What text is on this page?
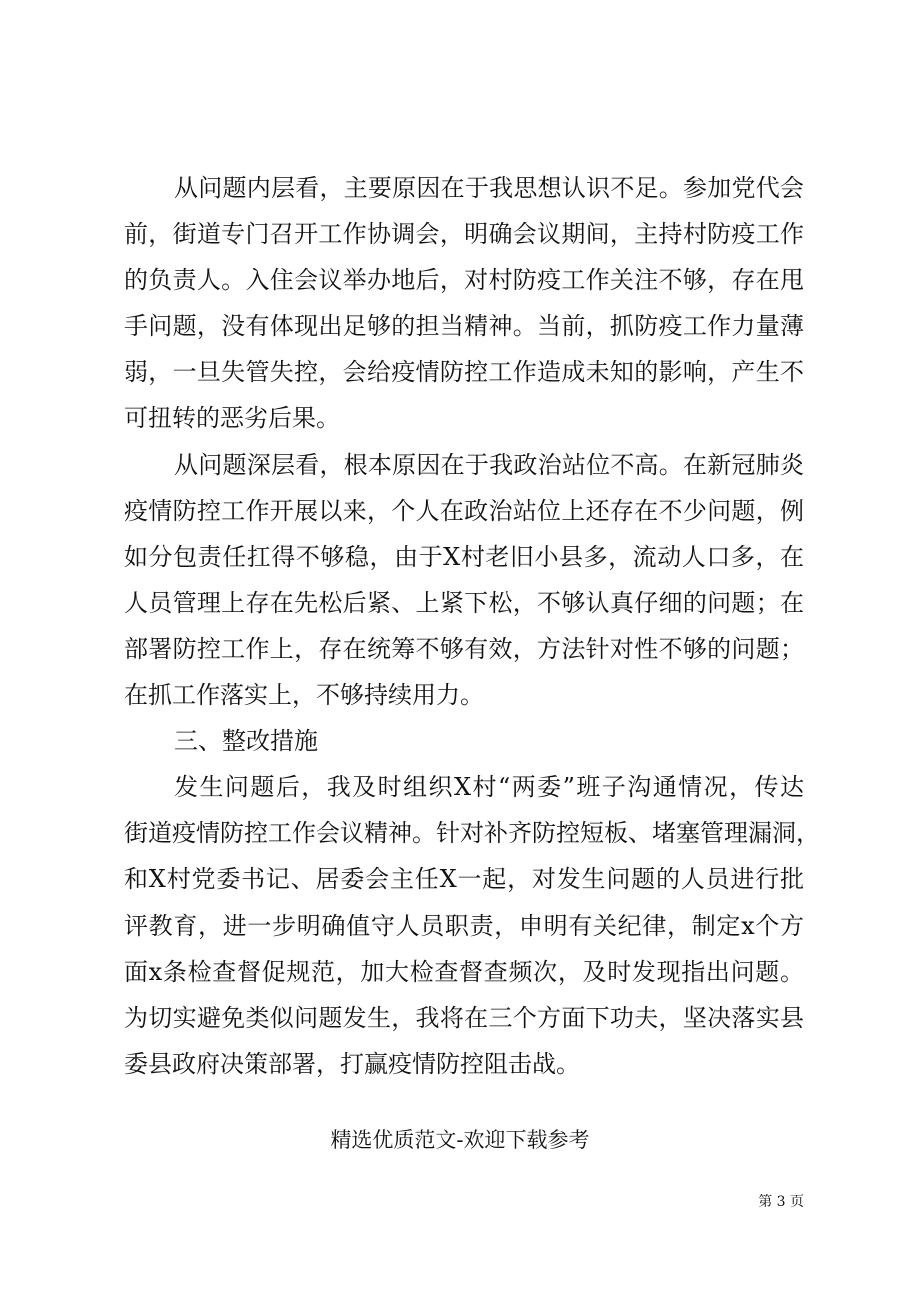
从问题内层看，主要原因在于我思想认识不足。参加党代会
前，街道专门召开工作协调会，明确会议期间，主持村防疫工作
的负责人。入住会议举办地后，对村防疫工作关注不够，存在甩
手问题，没有体现出足够的担当精神。当前，抓防疫工作力量薄
弱，一旦失管失控，会给疫情防控工作造成未知的影响，产生不
可扭转的恶劣后果。
从问题深层看，根本原因在于我政治站位不高。在新冠肺炎
疫情防控工作开展以来，个人在政治站位上还存在不少问题，例
如分包责任扛得不够稳，由于X村老旧小县多，流动人口多，在
人员管理上存在先松后紧、上紧下松，不够认真仔细的问题；在
部署防控工作上，存在统筹不够有效，方法针对性不够的问题；
在抓工作落实上，不够持续用力。
三、整改措施
发生问题后，我及时组织X村“两委”班子沟通情况，传达
街道疫情防控工作会议精神。针对补齐防控短板、堵塞管理漏洞，
和X村党委书记、居委会主任X一起，对发生问题的人员进行批
评教育，进一步明确值守人员职责，申明有关纪律，制定x个方
面x条检查督促规范，加大检查督查频次，及时发现指出问题。
为切实避免类似问题发生，我将在三个方面下功夫，坚决落实县
委县政府决策部署，打赢疫情防控阻击战。
精选优质范文-欢迎下载参考
第 3 页
